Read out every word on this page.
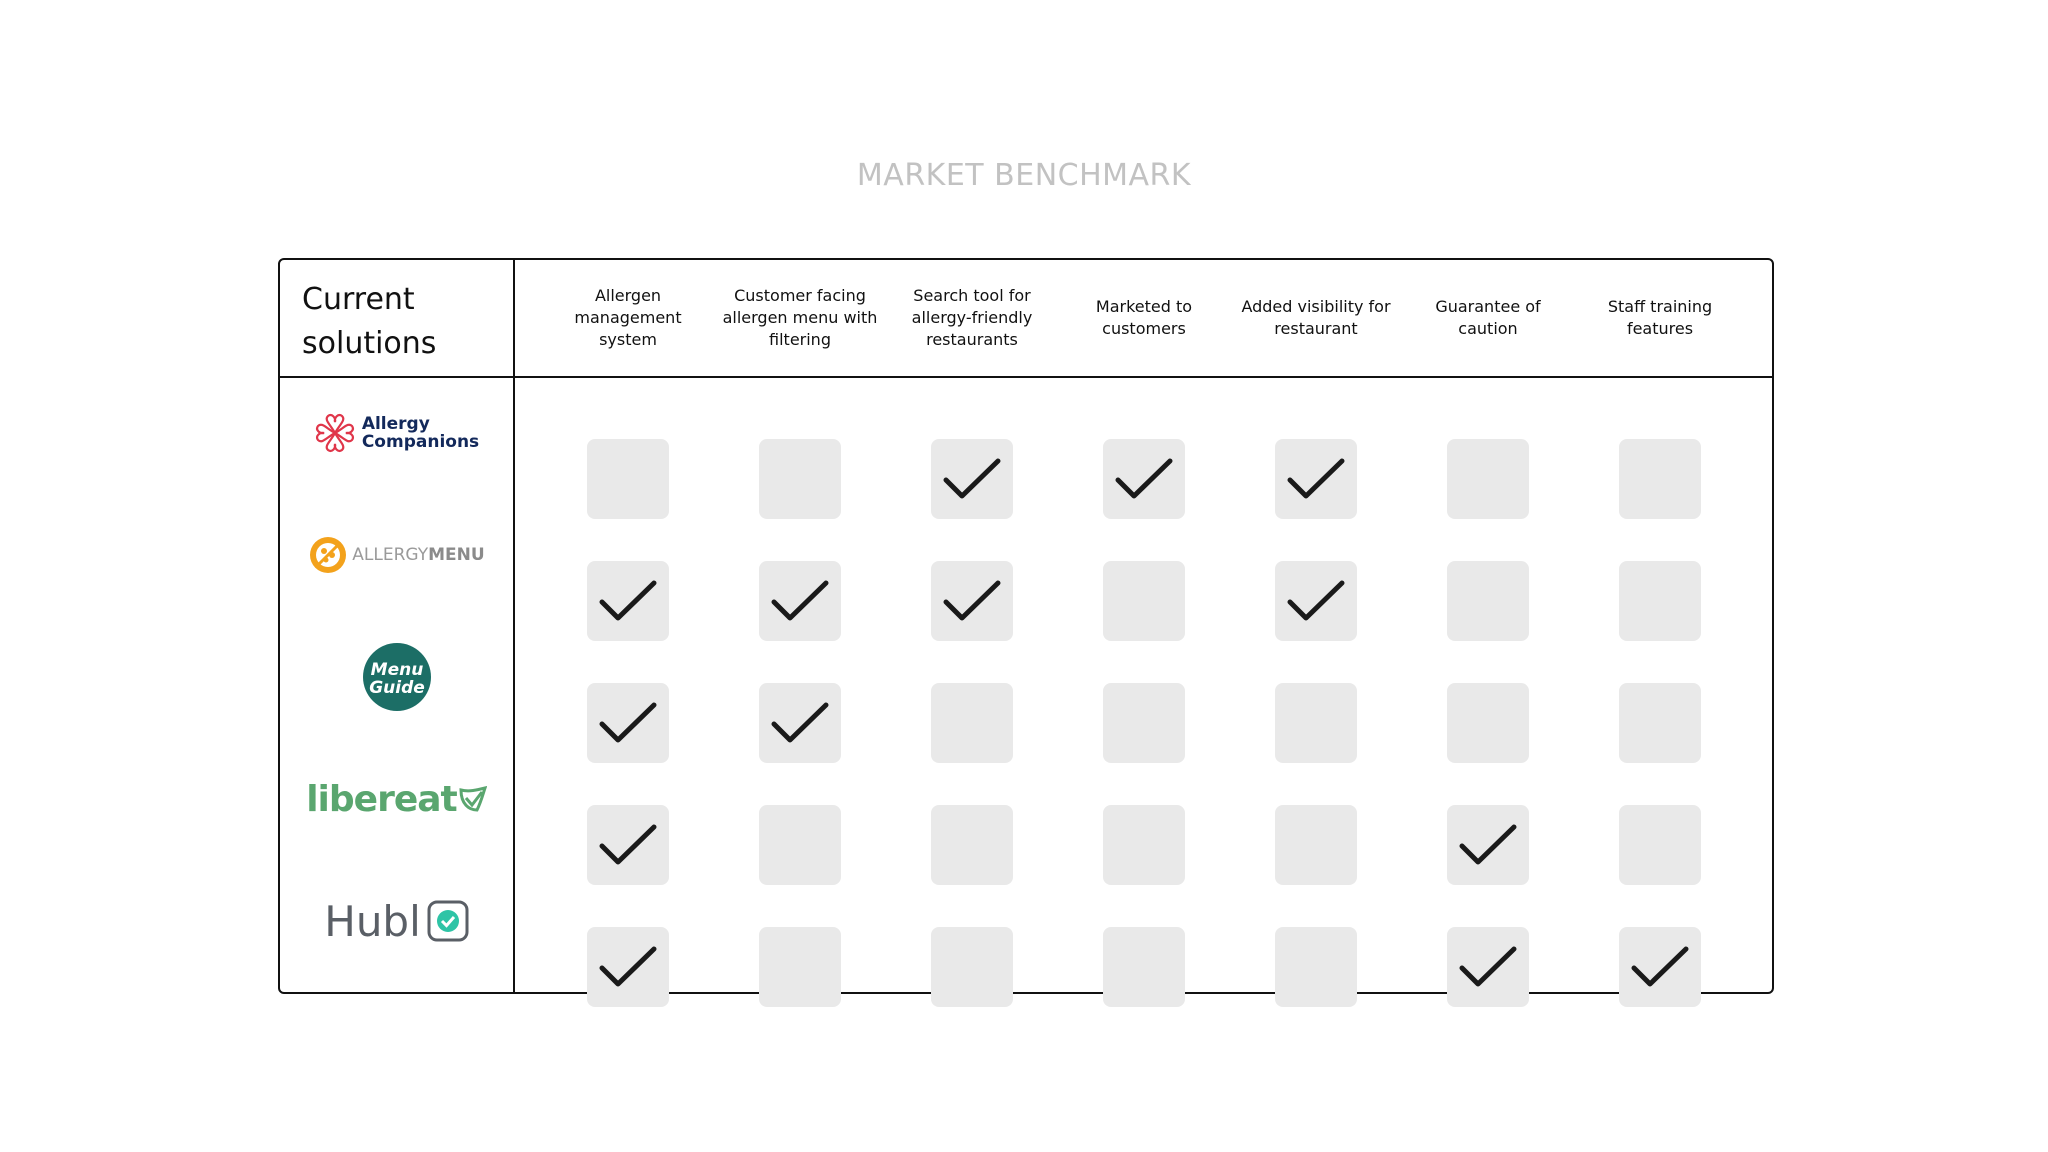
MARKET BENCHMARK
Current solutions
Allergen management system
Customer facing allergen menu with filtering
Search tool for allergy-friendly restaurants
Marketed to customers
Added visibility for restaurant
Guarantee of caution
Staff training features
Allergy
Companions
ALLERGYMENU
Menu
Guide
libereat
Hubl
